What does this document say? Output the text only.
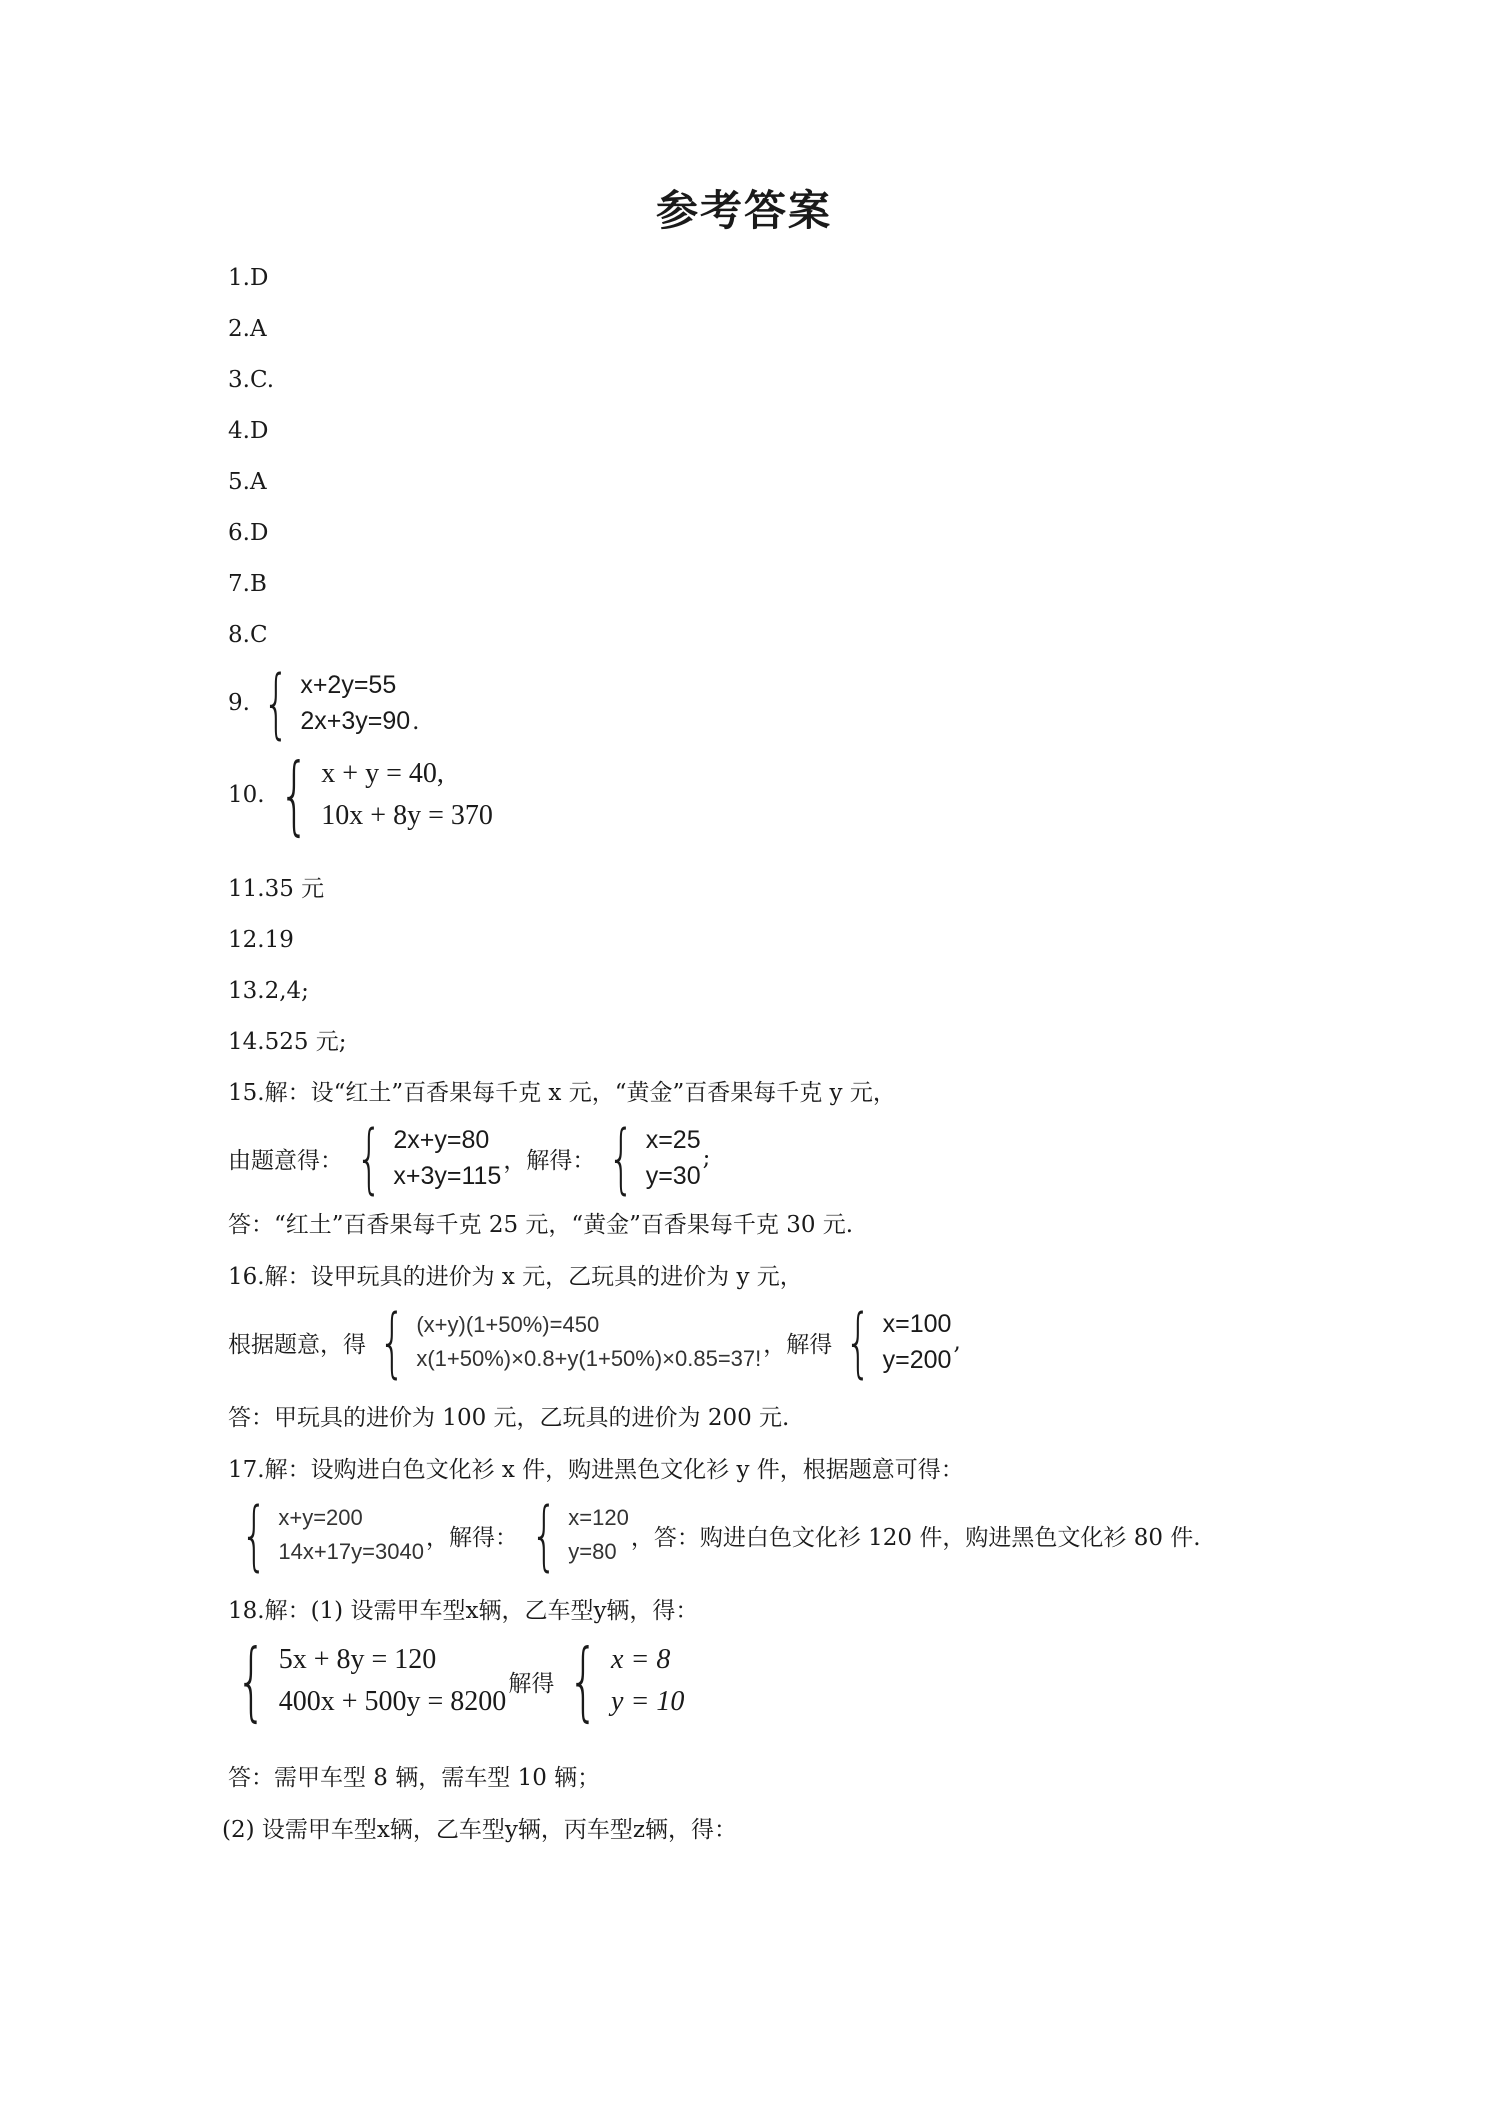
参考答案
1.D
2.A
3.C.
4.D
5.A
6.D
7.B
8.C
9. { x+2y=55
2x+3y=90 .
10. { x + y = 40,
10x + 8y = 370
11.35 元
12.19
13.2,4;
14.525 元;
15.解：设“红土”百香果每千克 x 元，“黄金”百香果每千克 y 元，
由题意得： { 2x+y=80
x+3y=115
，解得： { x=25
y=30
;
答：“红土”百香果每千克 25 元，“黄金”百香果每千克 30 元.
16.解：设甲玩具的进价为 x 元，乙玩具的进价为 y 元，
根据题意，得 { (x+y)(1+50%)=450
x(1+50%)×0.8+y(1+50%)×0.85=37!
，解得 { x=100
y=200
,
答：甲玩具的进价为 100 元，乙玩具的进价为 200 元.
17.解：设购进白色文化衫 x 件，购进黑色文化衫 y 件，根据题意可得：
{ x+y=200
14x+17y=3040
，解得： { x=120
y=80
，答：购进白色文化衫 120 件，购进黑色文化衫 80 件.
18.解：(1) 设需甲车型x辆，乙车型y辆，得：
{ 5x + 8y = 120
400x + 500y = 8200
解得 { x = 8
y = 10
答：需甲车型 8 辆，需车型 10 辆；
(2) 设需甲车型x辆，乙车型y辆，丙车型z辆，得：
